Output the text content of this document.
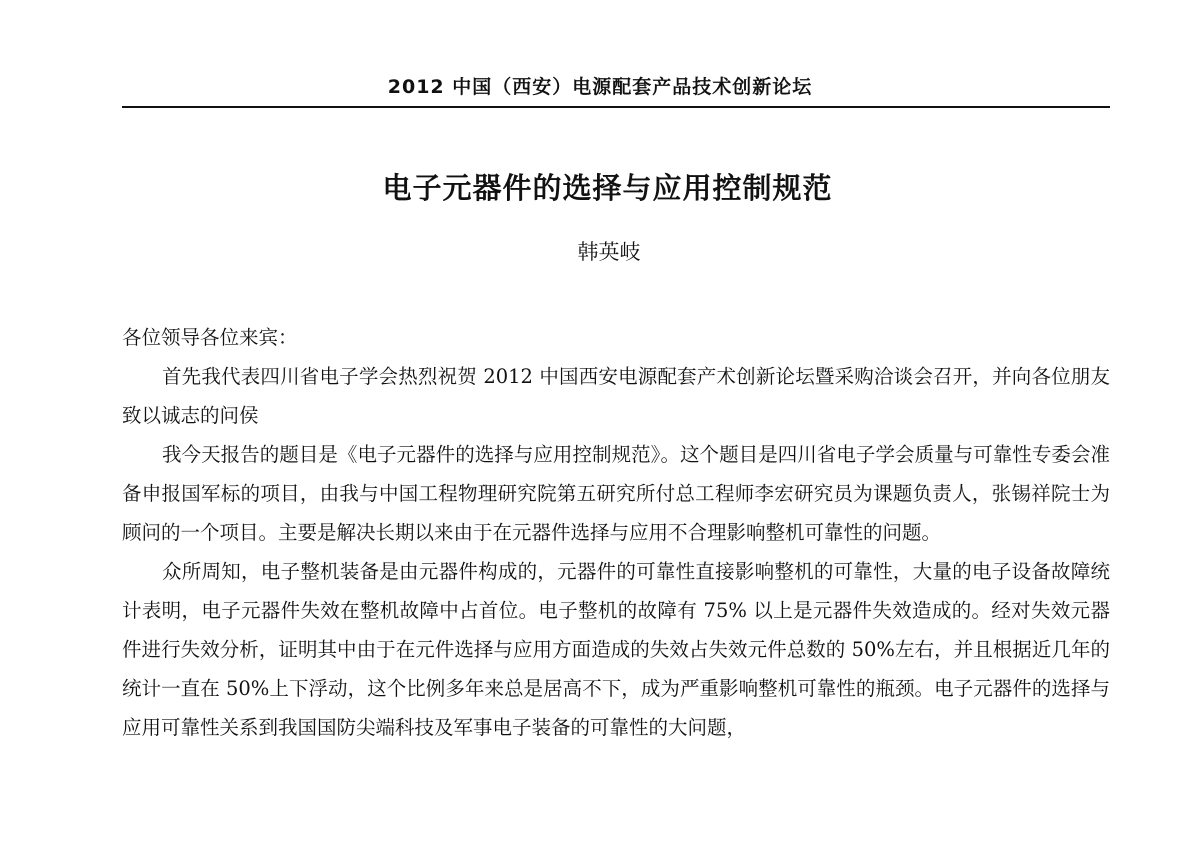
2012 中国（西安）电源配套产品技术创新论坛
电子元器件的选择与应用控制规范
韩英岐

各位领导各位来宾：

首先我代表四川省电子学会热烈祝贺 2012 中国西安电源配套产术创新论坛暨采购洽谈会召开，并向各位朋友致以诚志的问侯

我今天报告的题目是《电子元器件的选择与应用控制规范》。这个题目是四川省电子学会质量与可靠性专委会准备申报国军标的项目，由我与中国工程物理研究院第五研究所付总工程师李宏研究员为课题负责人，张锡祥院士为顾问的一个项目。主要是解决长期以来由于在元器件选择与应用不合理影响整机可靠性的问题。

众所周知，电子整机装备是由元器件构成的，元器件的可靠性直接影响整机的可靠性，大量的电子设备故障统计表明，电子元器件失效在整机故障中占首位。电子整机的故障有 75% 以上是元器件失效造成的。经对失效元器件进行失效分析，证明其中由于在元件选择与应用方面造成的失效占失效元件总数的 50%左右，并且根据近几年的统计一直在 50%上下浮动，这个比例多年来总是居高不下，成为严重影响整机可靠性的瓶颈。电子元器件的选择与应用可靠性关系到我国国防尖端科技及军事电子装备的可靠性的大问题，
